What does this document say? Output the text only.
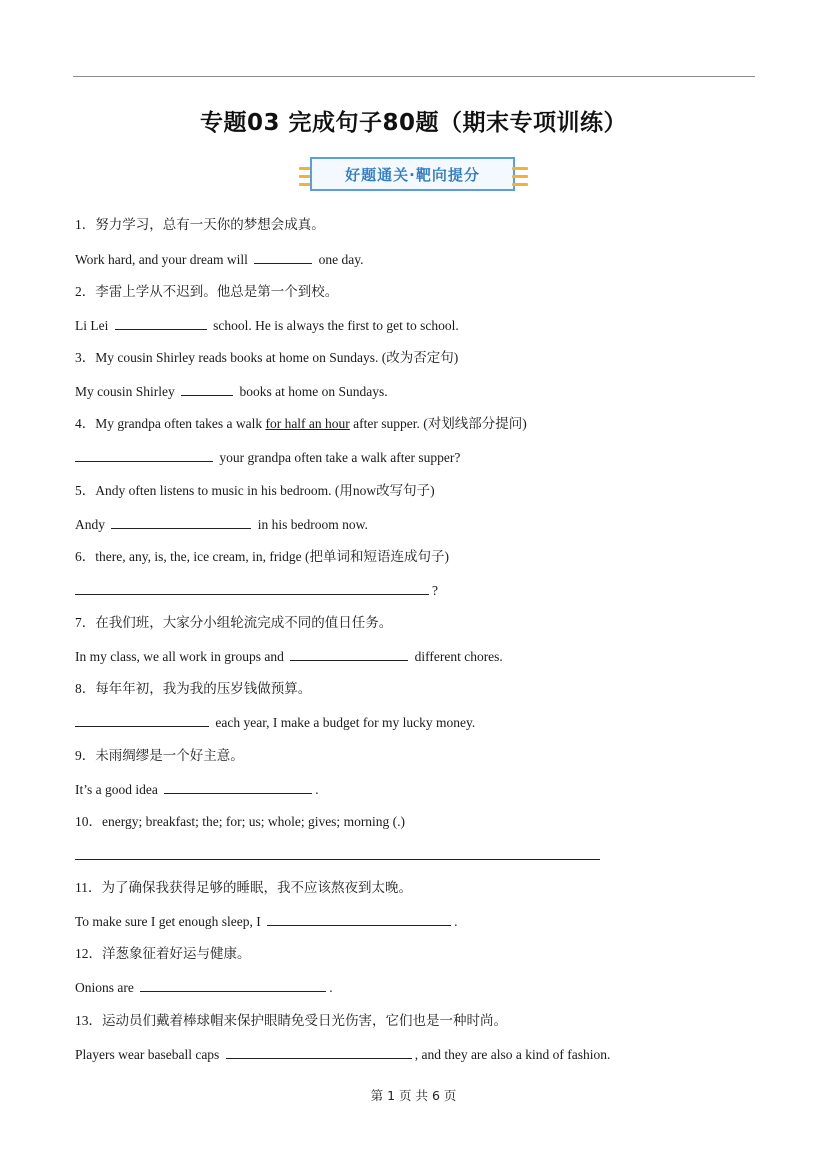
专题03 完成句子80题（期末专项训练）
好题通关·靶向提分
1．努力学习，总有一天你的梦想会成真。
Work hard, and your dream will	one day.
2．李雷上学从不迟到。他总是第一个到校。
Li Lei	school. He is always the first to get to school.
3．My cousin Shirley reads books at home on Sundays. (改为否定句)
My cousin Shirley	books at home on Sundays.
4．My grandpa often takes a walk for half an hour after supper. (对划线部分提问)
your grandpa often take a walk after supper?
5．Andy often listens to music in his bedroom. (用now改写句子)
Andy	in his bedroom now.
6．there, any, is, the, ice cream, in, fridge (把单词和短语连成句子)
?
7．在我们班，大家分小组轮流完成不同的值日任务。
In my class, we all work in groups and	different chores.
8．每年年初，我为我的压岁钱做预算。
each year, I make a budget for my lucky money.
9．未雨绸缪是一个好主意。
It’s a good idea	.
10．energy; breakfast; the; for; us; whole; gives; morning (.)
11．为了确保我获得足够的睡眠，我不应该熬夜到太晚。
To make sure I get enough sleep, I	.
12．洋葱象征着好运与健康。
Onions are	.
13．运动员们戴着棒球帽来保护眼睛免受日光伤害，它们也是一种时尚。
Players wear baseball caps	, and they are also a kind of fashion.
第 1 页 共 6 页
